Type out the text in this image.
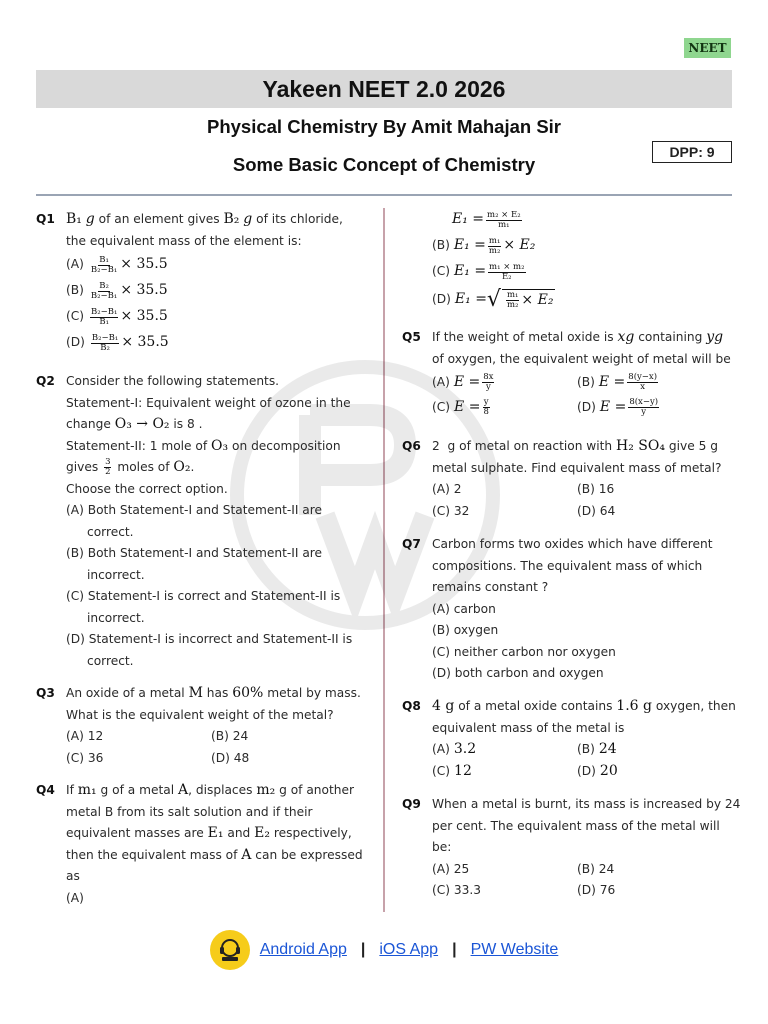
NEET
Yakeen NEET 2.0 2026
Physical Chemistry By Amit Mahajan Sir
Some Basic Concept of Chemistry
DPP: 9
Q1 B₁
g of an element gives B₂
g of its chloride,
the equivalent mass of the element is:
$(A) \frac{\text{B₁}}{\text{B₂−B₁}} \times 35.5$
$(B) \frac{\text{B₂}}{\text{B₂−B₁}} \times 35.5$
$(C) \frac{\text{B₂−B₁}}{\text{B₁}} \times 35.5$
$(D) \frac{\text{B₂−B₁}}{\text{B₂}} \times 35.5$
Q2 Consider the following statements.
Statement-I: Equivalent weight of ozone in the
change O₃ → O₂ is 8 .
Statement-II: 1 mole of O₃ on decomposition
gives $\frac{3}{2}$ moles of O₂ .
Choose the correct option.
(A) Both Statement-I and Statement-II are
correct.
(B) Both Statement-I and Statement-II are
incorrect.
(C) Statement-I is correct and Statement-II is
incorrect.
(D) Statement-I is incorrect and Statement-II is
correct.
Q3 An oxide of a metal M has 60% metal by mass.
What is the equivalent weight of the metal?
(A) 12	(B) 24
(C) 36	(D) 48
Q4 If m₁ g of a metal A , displaces m₂ g of another
metal B from its salt solution and if their
equivalent masses are E₁ and E₂ respectively,
then the equivalent mass of A can be expressed
as
(A)
$E_1 = \frac{\text{m₂ × E₂}}{\text{m₁}}$
(B) $E_1 = \frac{\text{m₁}}{\text{m₂}} \times E_2$
(C) $E_1 = \frac{\text{m₁ × m₂}}{\text{E₂}}$
(D) E₁ = √ $\frac{\text{m₁}}{\text{m₂}} \times E_2$
Q5 If the weight of metal oxide is xg containing yg
of oxygen, the equivalent weight of metal will be
(A) $E = \frac{8x}{y}$	(B) $E = \frac{8(y-x)}{x}$
(C) $E = \frac{y}{8}$	(D) $E = \frac{8(x-y)}{y}$
Q6 2  g of metal on reaction with H₂ SO₄ give 5 g
metal sulphate. Find equivalent mass of metal?
(A) 2	(B) 16
(C) 32	(D) 64
Q7 Carbon forms two oxides which have different
compositions. The equivalent mass of which
remains constant ?
(A) carbon
(B) oxygen
(C) neither carbon nor oxygen
(D) both carbon and oxygen
Q8 4 g of a metal oxide contains 1.6 g oxygen, then
equivalent mass of the metal is
(A) 3.2	(B) 24
(C) 12	(D) 20
Q9 When a metal is burnt, its mass is increased by 24
per cent. The equivalent mass of the metal will
be:
(A) 25	(B) 24
(C) 33.3	(D) 76
Android App | iOS App | PW Website
